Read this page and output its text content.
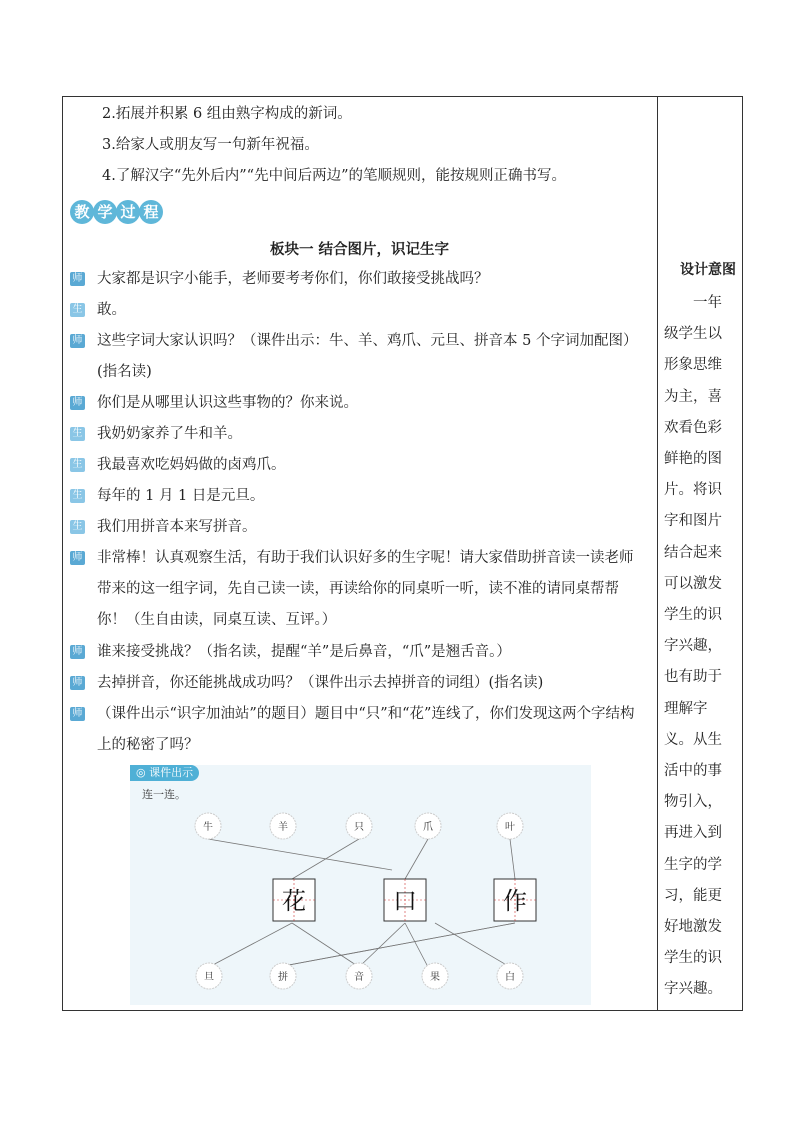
2.拓展并积累 6 组由熟字构成的新词。
3.给家人或朋友写一句新年祝福。
4.了解汉字“先外后内”“先中间后两边”的笔顺规则，能按规则正确书写。
教 学 过 程
板块一 结合图片，识记生字
师 大家都是识字小能手，老师要考考你们，你们敢接受挑战吗？
生 敢。
师 这些字词大家认识吗？（课件出示：牛、羊、鸡爪、元旦、拼音本 5 个字词加配图）(指名读)
师 你们是从哪里认识这些事物的？你来说。
生 我奶奶家养了牛和羊。
生 我最喜欢吃妈妈做的卤鸡爪。
生 每年的 1 月 1 日是元旦。
生 我们用拼音本来写拼音。
师 非常棒！认真观察生活，有助于我们认识好多的生字呢！请大家借助拼音读一读老师带来的这一组字词，先自己读一读，再读给你的同桌听一听，读不准的请同桌帮帮你！（生自由读，同桌互读、互评。）
师 谁来接受挑战？（指名读，提醒“羊”是后鼻音，“爪”是翘舌音。）
师 去掉拼音，你还能挑战成功吗？（课件出示去掉拼音的词组）(指名读)
师 （课件出示“识字加油站”的题目）题目中“只”和“花”连线了，你们发现这两个字结构上的秘密了吗？
牛	羊	只	爪	叶
花	口	作
旦	拼	音	果	白
◎ 课件出示
连一连。
设计意图
一年级学生以形象思维为主，喜欢看色彩鲜艳的图片。将识字和图片结合起来可以激发学生的识字兴趣，也有助于理解字义。从生活中的事物引入，再进入到生字的学习，能更好地激发学生的识字兴趣。
